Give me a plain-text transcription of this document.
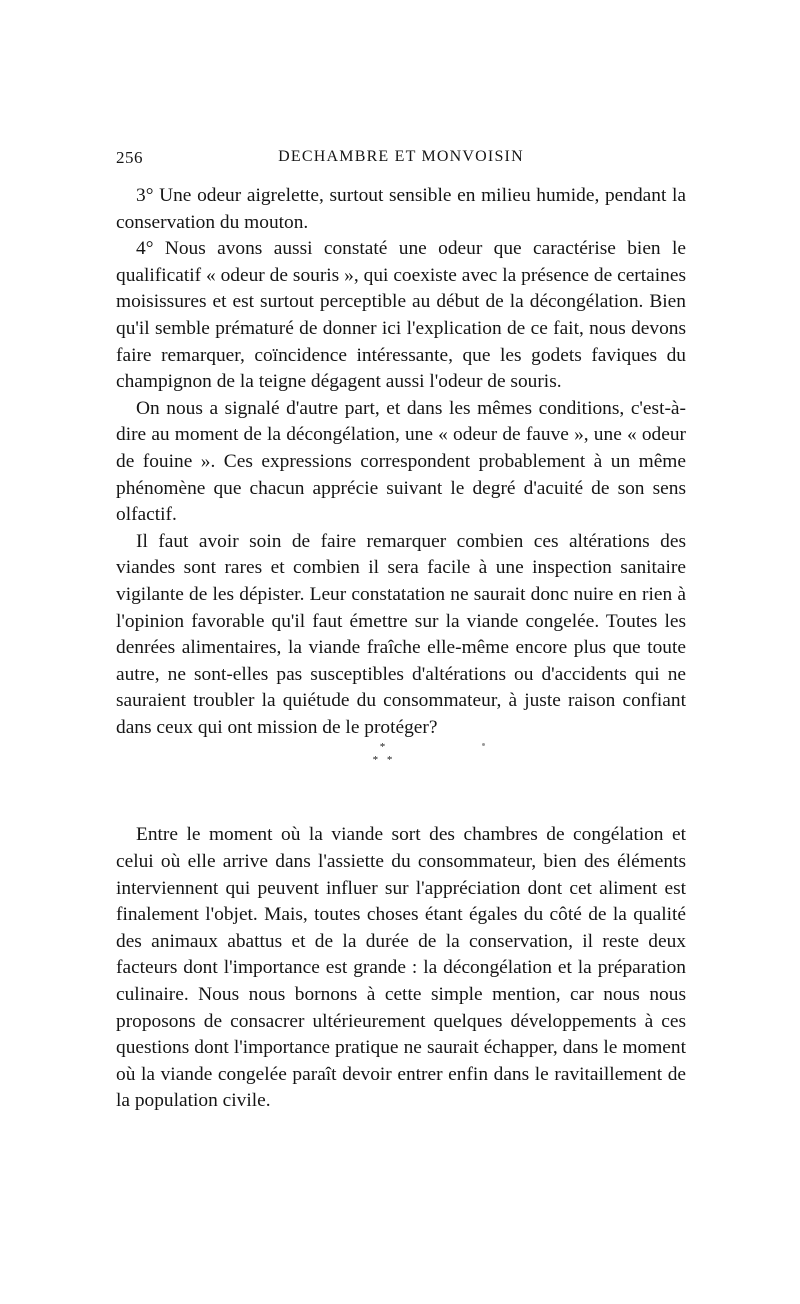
256	DECHAMBRE ET MONVOISIN

3° Une odeur aigrelette, surtout sensible en milieu humide, pendant la conservation du mouton.

4° Nous avons aussi constaté une odeur que caractérise bien le qualificatif « odeur de souris », qui coexiste avec la présence de certaines moisissures et est surtout perceptible au début de la décongélation. Bien qu'il semble prématuré de donner ici l'explication de ce fait, nous devons faire remarquer, coïncidence intéressante, que les godets faviques du champignon de la teigne dégagent aussi l'odeur de souris.

On nous a signalé d'autre part, et dans les mêmes conditions, c'est-à-dire au moment de la décongélation, une « odeur de fauve », une « odeur de fouine ». Ces expressions correspondent probablement à un même phénomène que chacun apprécie suivant le degré d'acuité de son sens olfactif.

Il faut avoir soin de faire remarquer combien ces altérations des viandes sont rares et combien il sera facile à une inspection sanitaire vigilante de les dépister. Leur constatation ne saurait donc nuire en rien à l'opinion favorable qu'il faut émettre sur la viande congelée. Toutes les denrées alimentaires, la viande fraîche elle-même encore plus que toute autre, ne sont-elles pas susceptibles d'altérations ou d'accidents qui ne sauraient troubler la quiétude du consommateur, à juste raison confiant dans ceux qui ont mission de le protéger?

*
* *

Entre le moment où la viande sort des chambres de congélation et celui où elle arrive dans l'assiette du consommateur, bien des éléments interviennent qui peuvent influer sur l'appréciation dont cet aliment est finalement l'objet. Mais, toutes choses étant égales du côté de la qualité des animaux abattus et de la durée de la conservation, il reste deux facteurs dont l'importance est grande : la décongélation et la préparation culinaire. Nous nous bornons à cette simple mention, car nous nous proposons de consacrer ultérieurement quelques développements à ces questions dont l'importance pratique ne saurait échapper, dans le moment où la viande congelée paraît devoir entrer enfin dans le ravitaillement de la population civile.
